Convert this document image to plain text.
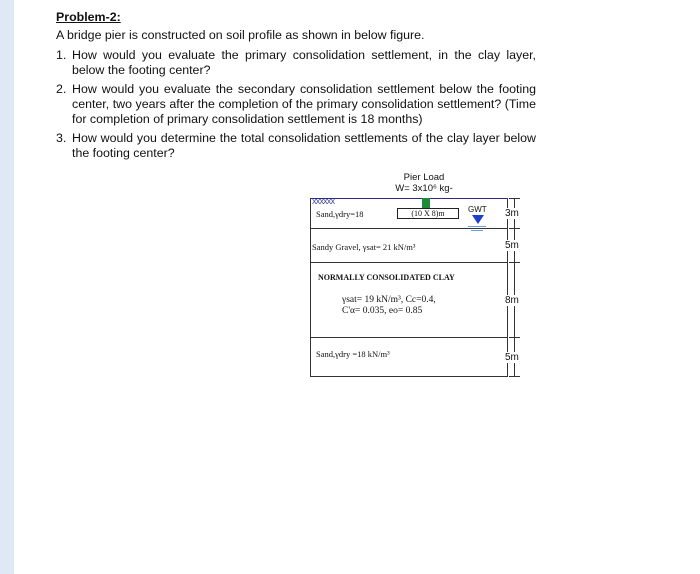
Problem-2:
A bridge pier is constructed on soil profile as shown in below figure.
1. How would you evaluate the primary consolidation settlement, in the clay layer, below the footing center?
2. How would you evaluate the secondary consolidation settlement below the footing center, two years after the completion of the primary consolidation settlement? (Time for completion of primary consolidation settlement is 18 months)
3. How would you determine the total consolidation settlements of the clay layer below the footing center?
Pier Load
W= 3x10⁶ kg-
XXXXXX
(10 X 8)m	GWT
Sand,γdry=18
Sandy Gravel, γsat= 21 kN/m³
NORMALLY CONSOLIDATED CLAY
γsat= 19 kN/m³, Cc=0.4,
C'α= 0.035, eo= 0.85
Sand,γdry =18 kN/m³
3m
5m
8m
5m
